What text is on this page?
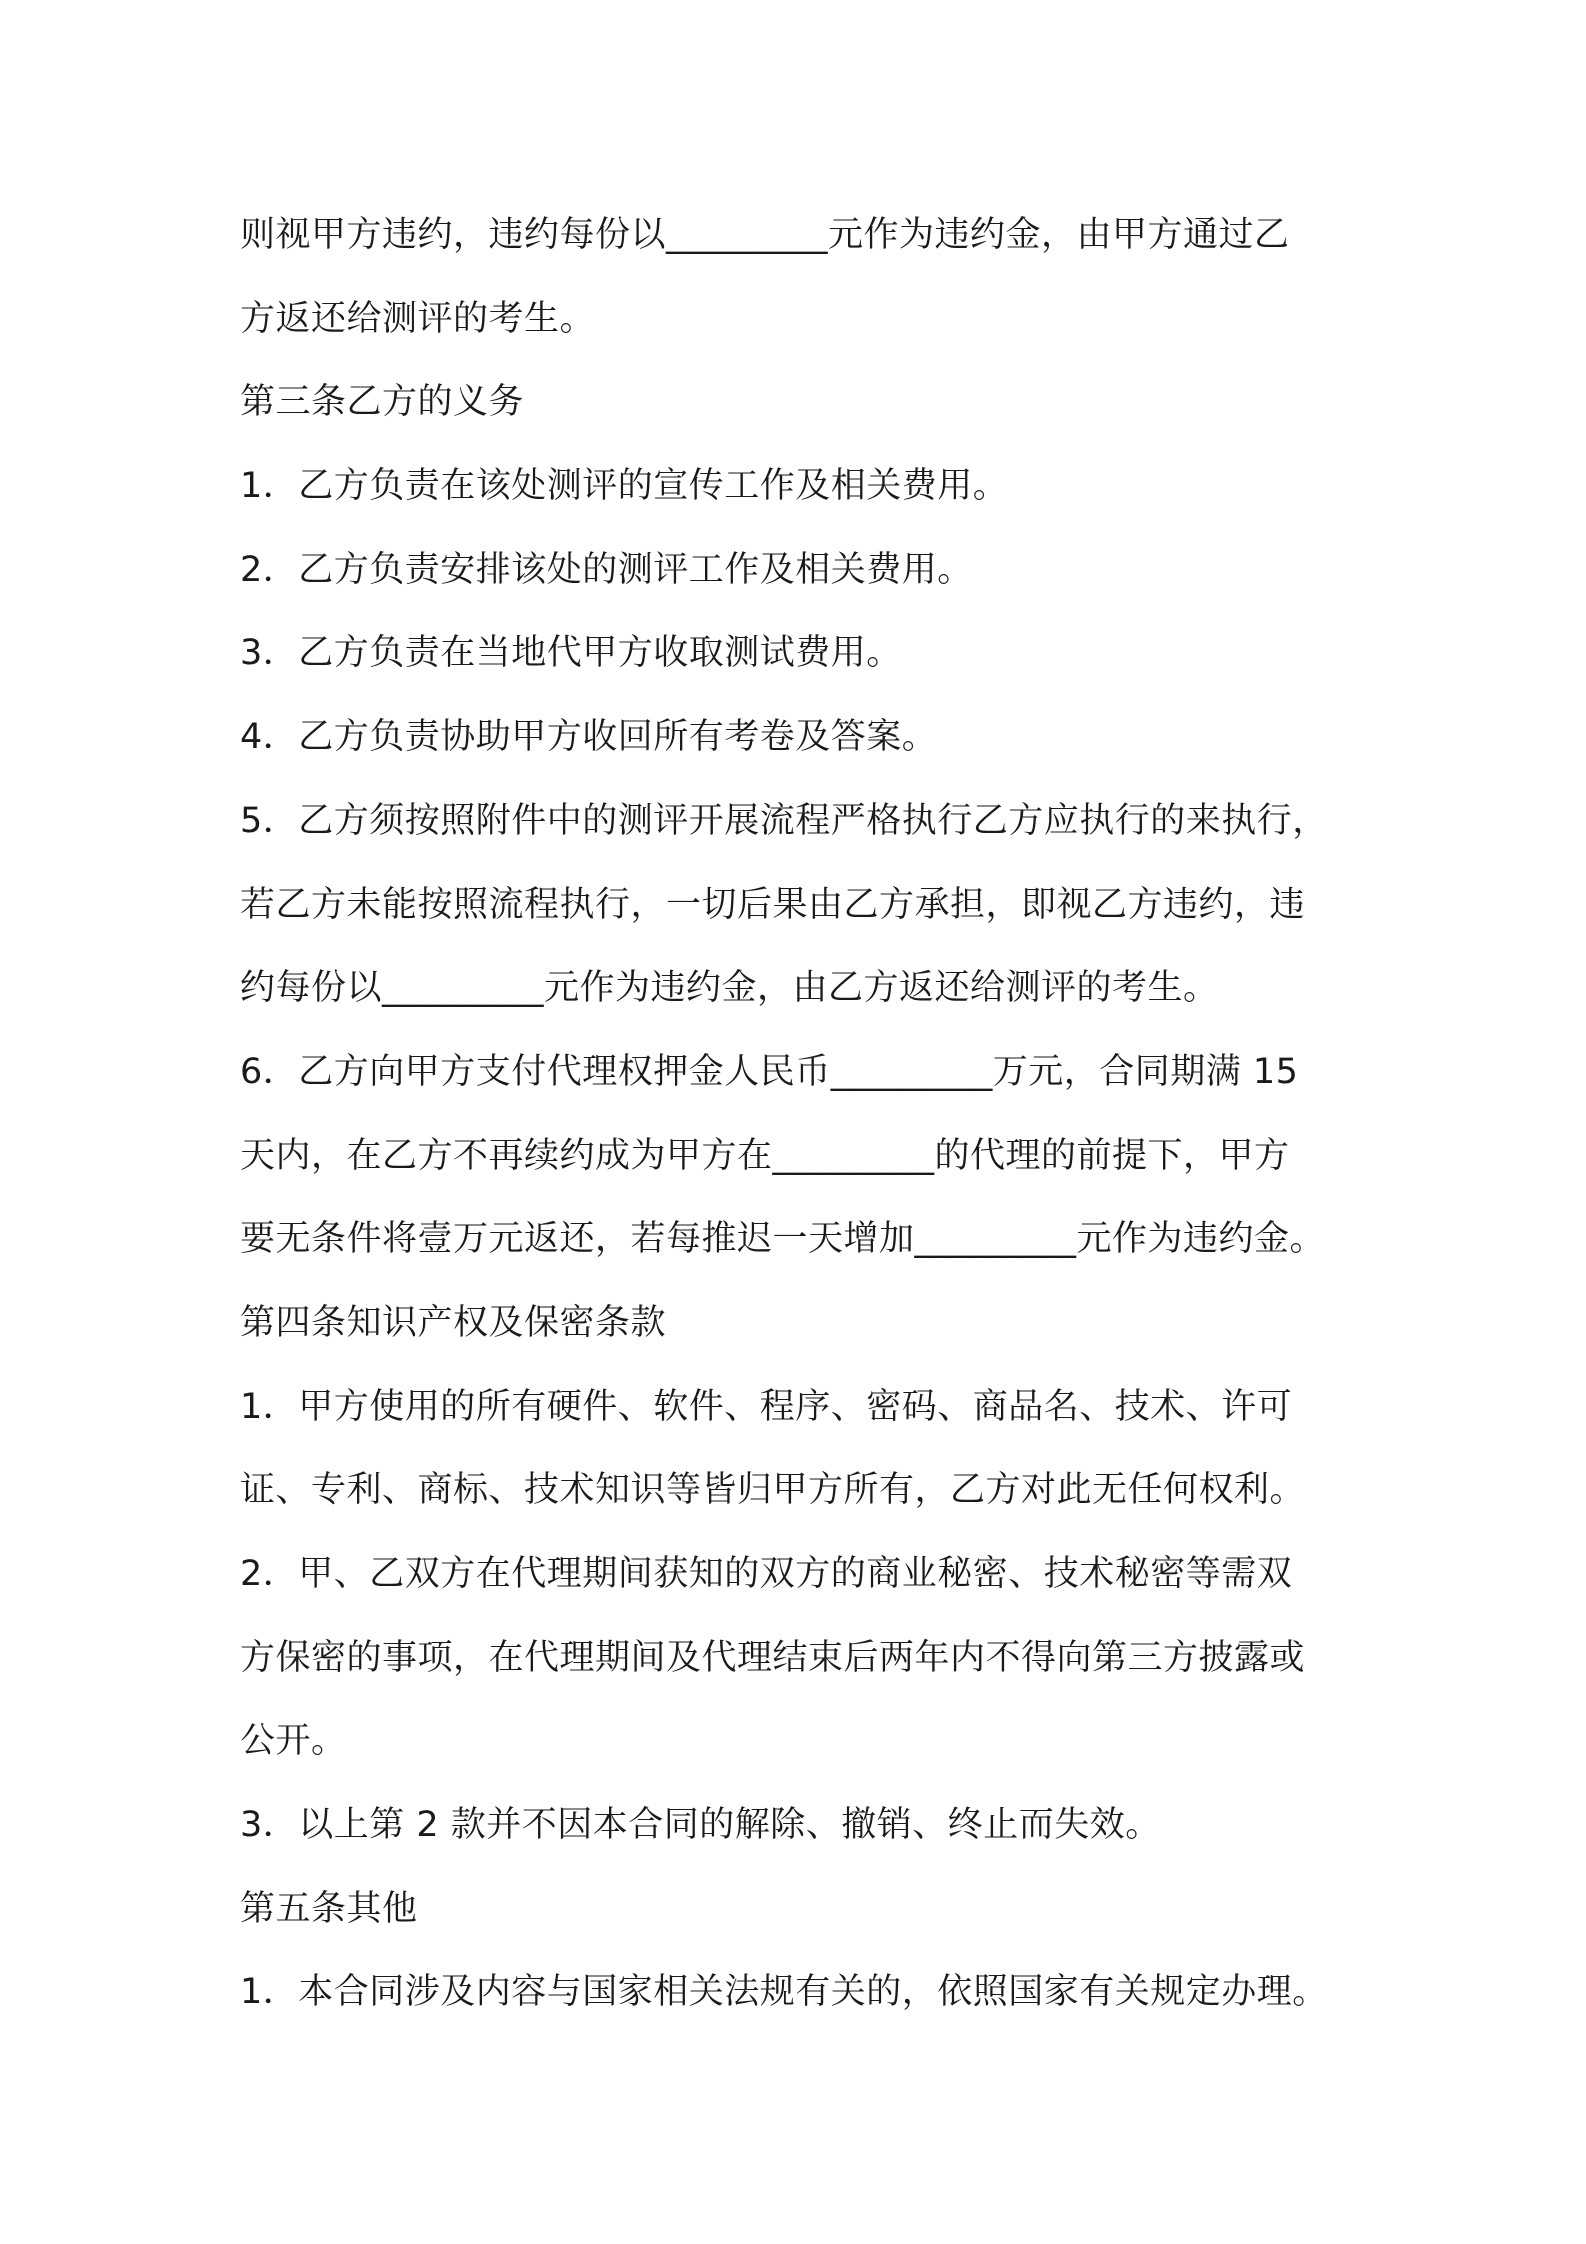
则视甲方违约，违约每份以_________元作为违约金，由甲方通过乙
方返还给测评的考生。
第三条乙方的义务
1．乙方负责在该处测评的宣传工作及相关费用。
2．乙方负责安排该处的测评工作及相关费用。
3．乙方负责在当地代甲方收取测试费用。
4．乙方负责协助甲方收回所有考卷及答案。
5．乙方须按照附件中的测评开展流程严格执行乙方应执行的来执行，
若乙方未能按照流程执行，一切后果由乙方承担，即视乙方违约，违
约每份以_________元作为违约金，由乙方返还给测评的考生。
6．乙方向甲方支付代理权押金人民币_________万元，合同期满 15
天内，在乙方不再续约成为甲方在_________的代理的前提下，甲方
要无条件将壹万元返还，若每推迟一天增加_________元作为违约金。
第四条知识产权及保密条款
1．甲方使用的所有硬件、软件、程序、密码、商品名、技术、许可
证、专利、商标、技术知识等皆归甲方所有，乙方对此无任何权利。
2．甲、乙双方在代理期间获知的双方的商业秘密、技术秘密等需双
方保密的事项，在代理期间及代理结束后两年内不得向第三方披露或
公开。
3．以上第 2 款并不因本合同的解除、撤销、终止而失效。
第五条其他
1．本合同涉及内容与国家相关法规有关的，依照国家有关规定办理。
